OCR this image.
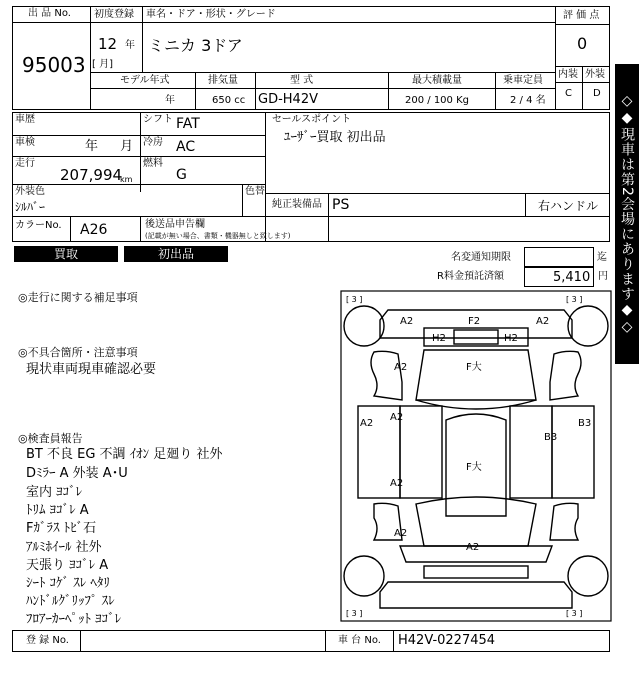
出 品 No.
95003
初度登録
12 年
[ 月]
車名・ドア・形状・グレード
ミニカ 3ドア
評 価 点
0
内装 外装
C D
モデル年式
年
排気量
650 cc
型 式
GD-H42V
最大積載量
200 / 100 Kg
乗車定員
2 / 4 名
車歴	シフト FAT
車検	年 月 冷房 AC
走行
207,994
km
燃料
G
セールスポイント
ﾕｰｻﾞｰ買取 初出品
外装色
ｼﾙﾊﾞｰ
色替
純正装備品 PS	右ハンドル
カラーNo. A26	後送品申告欄
(記載が無い場合、書類・機器無しと致します)
買取	初出品	名変通知期限	迄
R料金預託済額	5,410 円 ◇◆現車は第2会場にあります◆◇
◎走行に関する補足事項
◎不具合箇所・注意事項
現状車両現車確認必要
◎検査員報告
BT 不良 EG 不調 ｲｵﾝ 足廻り 社外
Dﾐﾗｰ A 外装 A･U
室内 ﾖｺﾞﾚ
ﾄﾘﾑ ﾖｺﾞﾚ A
Fｶﾞﾗｽ ﾄﾋﾞ石
ｱﾙﾐﾎｲｰﾙ 社外
天張り ﾖｺﾞﾚ A
ｼｰﾄ ｺｹﾞ ｽﾚ ﾍﾀﾘ
ﾊﾝﾄﾞﾙｸﾞﾘｯﾌﾟ ｽﾚ
ﾌﾛｱｰｶｰﾍﾟｯﾄ ﾖｺﾞﾚ
[ 3 ]	[ 3 ]
[ 3 ]	[ 3 ]
A2	F2	A2
H2	H2
A2	F大
A2
A2
B3
B3
F大
A2
A2
A2
登 録 No.	車 台 No. H42V-0227454
